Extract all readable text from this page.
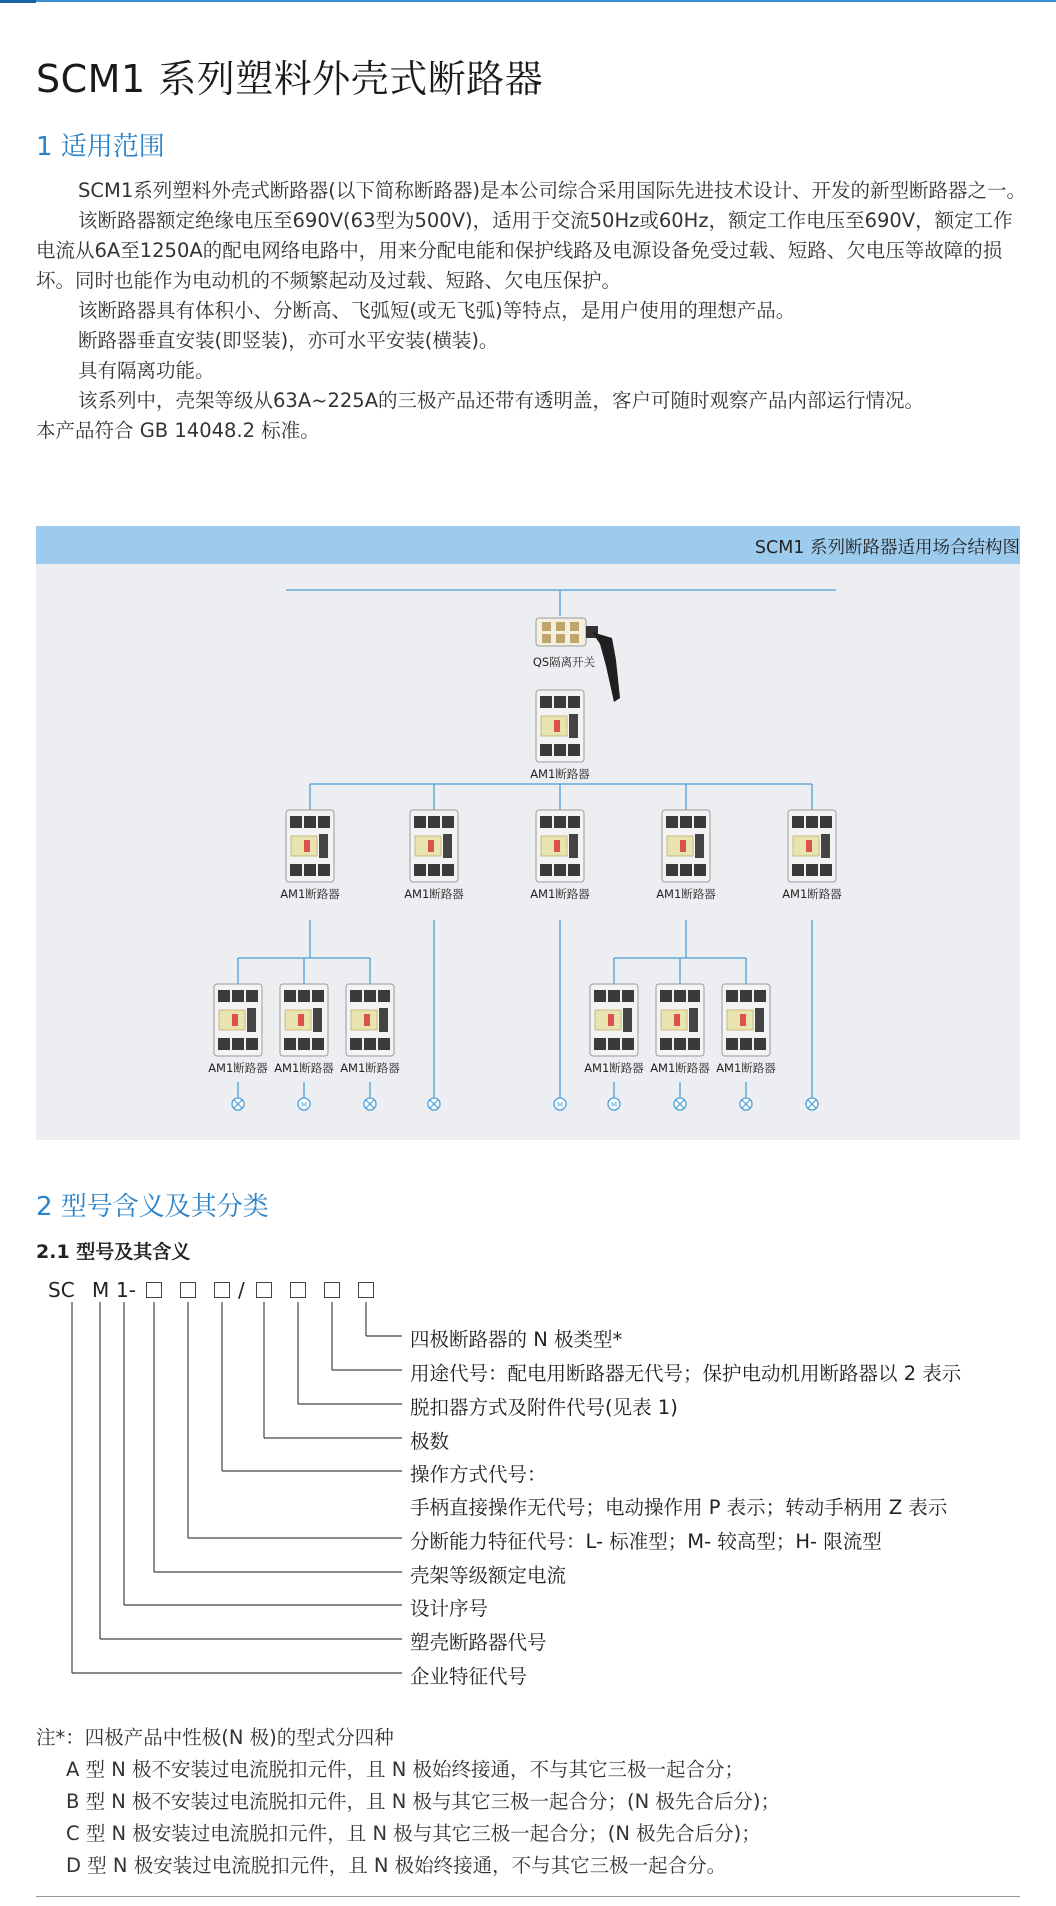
SCM1 系列塑料外壳式断路器
1 适用范围

SCM1系列塑料外壳式断路器(以下简称断路器)是本公司综合采用国际先进技术设计、开发的新型断路器之一。

该断路器额定绝缘电压至690V(63型为500V)，适用于交流50Hz或60Hz，额定工作电压至690V，额定工作电流从6A至1250A的配电网络电路中，用来分配电能和保护线路及电源设备免受过载、短路、欠电压等故障的损坏。同时也能作为电动机的不频繁起动及过载、短路、欠电压保护。

该断路器具有体积小、分断高、飞弧短(或无飞弧)等特点，是用户使用的理想产品。

断路器垂直安装(即竖装)，亦可水平安装(横装)。

具有隔离功能。

该系列中，壳架等级从63A~225A的三极产品还带有透明盖，客户可随时观察产品内部运行情况。

本产品符合 GB 14048.2 标准。

SCM1 系列断路器适用场合结构图
QS隔离开关
AM1断路器
AM1断路器	AM1断路器	AM1断路器	AM1断路器	AM1断路器
AM1断路器 AM1断路器 AM1断路器	AM1断路器 AM1断路器 AM1断路器
M	M
M
2 型号含义及其分类
2.1 型号及其含义
SC M 1-	/
四极断路器的 N 极类型*
用途代号：配电用断路器无代号；保护电动机用断路器以 2 表示
脱扣器方式及附件代号(见表 1)
极数
操作方式代号：
手柄直接操作无代号；电动操作用 P 表示；转动手柄用 Z 表示
分断能力特征代号：L- 标准型；M- 较高型；H- 限流型
壳架等级额定电流
设计序号
塑壳断路器代号
企业特征代号

注*：四极产品中性极(N 极)的型式分四种

A 型 N 极不安装过电流脱扣元件，且 N 极始终接通，不与其它三极一起合分；

B 型 N 极不安装过电流脱扣元件，且 N 极与其它三极一起合分；(N 极先合后分)；

C 型 N 极安装过电流脱扣元件，且 N 极与其它三极一起合分；(N 极先合后分)；

D 型 N 极安装过电流脱扣元件，且 N 极始终接通，不与其它三极一起合分。
